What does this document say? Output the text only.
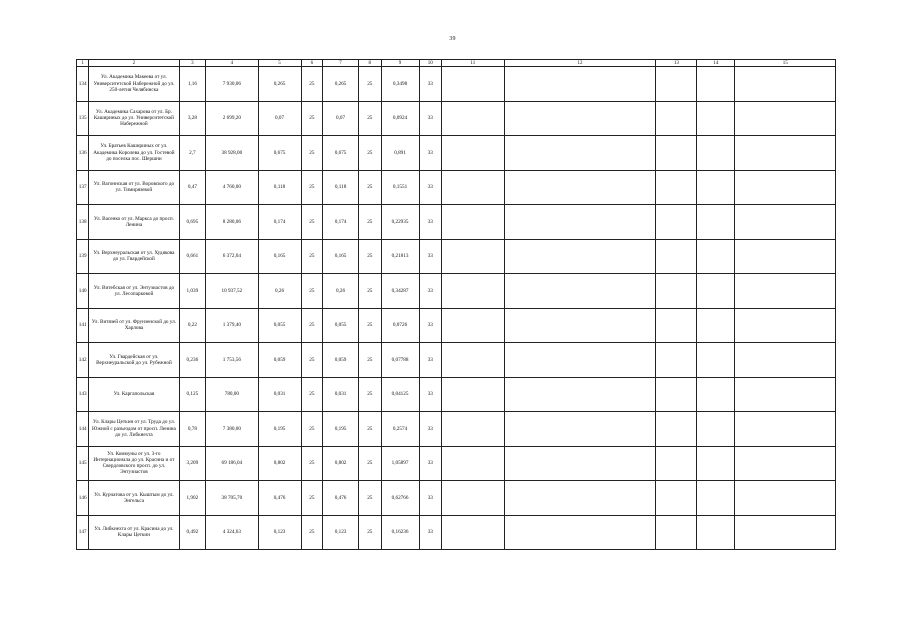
39
1	2	3	4	5	6	7	8	9	10	11	12	13	14	15
134	Ул. Академика Макеева от ул. Университетской Набережной до ул. 250-летия Челябинска	1,16	7 930,06	0,265	25	0,265	25	0,3498	33					
135	Ул. Академика Сахарова от ул. Бр. Кашириных до ул. Университетской Набережной	3,28	2 699,20	0,07	25	0,07	25	0,0924	33					
136	Ул. Братьев Кашириных от ул. Академика Королева до ул. Гостевой до поселка пос. Шершни	2,7	38 928,00	0,675	25	0,675	25	0,891	33					
137	Ул. Вагоннская от ул. Воровского до ул. Тимирязевой	0,47	4 760,00	0,118	25	0,118	25	0,1551	33					
138	Ул. Васенко от ул. Маркса до просп. Ленина	0,695	8 280,06	0,174	25	0,174	25	0,22935	33					
139	Ул. Верхнеуральская от ул. Худякова до ул. Гвардейской	0,661	6 372,04	0,165	25	0,165	25	0,21813	33					
140	Ул. Витебская от ул. Энтузиастов до ул. Лесопарковой	1,039	10 937,52	0,26	25	0,26	25	0,34287	33					
141	Ул. Витязей от ул. Фрунзенской до ул. Харлова	0,22	1 379,40	0,055	25	0,055	25	0,0726	33					
142	Ул. Гвардейская от ул. Верхнеуральской до ул. Рубежной	0,236	1 753,56	0,059	25	0,059	25	0,07788	33					
143	Ул. Каргапольская	0,125	780,00	0,031	25	0,031	25	0,04125	33					
144	Ул. Клары Цеткин от ул. Труда до ул. Южной с разъездом от просп. Ленина до ул. Либкнехта	0,78	7 380,00	0,195	25	0,195	25	0,2574	33					
145	Ул. Коммуны от ул. 3-го Интернационала до ул. Красина и от Свердловского просп. до ул. Энтузиастов	3,209	69 186,04	0,802	25	0,802	25	1,05897	33					
146	Ул. Курчатова от ул. Кыштым до ул. Энгельса	1,902	38 705,70	0,476	25	0,476	25	0,62766	33					
147	Ул. Либкнехта от ул. Красина до ул. Клары Цеткин	0,492	4 324,63	0,123	25	0,123	25	0,16236	33					
